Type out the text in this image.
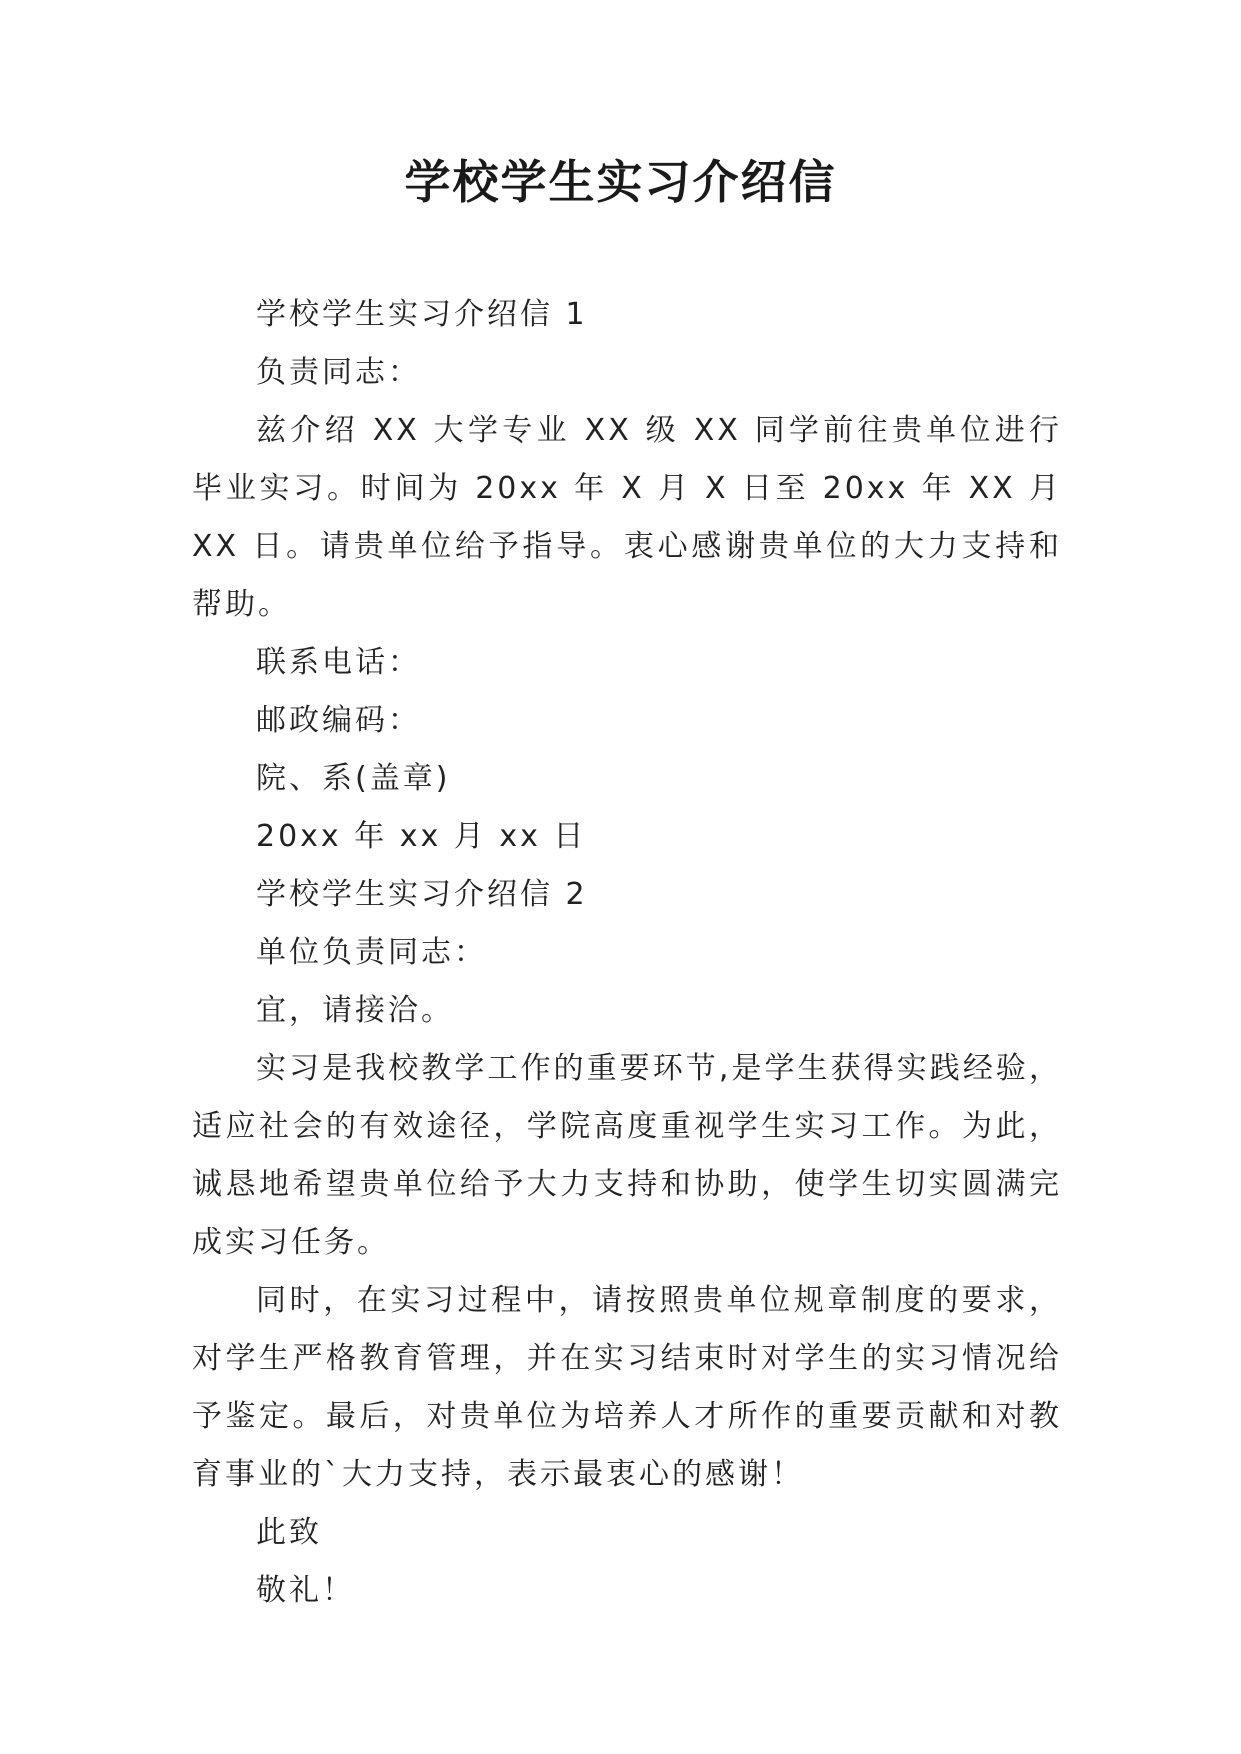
学校学生实习介绍信

学校学生实习介绍信 1

负责同志：

兹介绍 XX 大学专业 XX 级 XX 同学前往贵单位进行毕业实习。时间为 20xx 年 X 月 X 日至 20xx 年 XX 月 XX 日。请贵单位给予指导。衷心感谢贵单位的大力支持和帮助。

联系电话：

邮政编码：

院、系(盖章)

20xx 年 xx 月 xx 日

学校学生实习介绍信 2

单位负责同志：

宜，请接洽。

实习是我校教学工作的重要环节,是学生获得实践经验，适应社会的有效途径，学院高度重视学生实习工作。为此，诚恳地希望贵单位给予大力支持和协助，使学生切实圆满完成实习任务。

同时，在实习过程中，请按照贵单位规章制度的要求，对学生严格教育管理，并在实习结束时对学生的实习情况给予鉴定。最后，对贵单位为培养人才所作的重要贡献和对教育事业的`大力支持，表示最衷心的感谢！

此致

敬礼！
